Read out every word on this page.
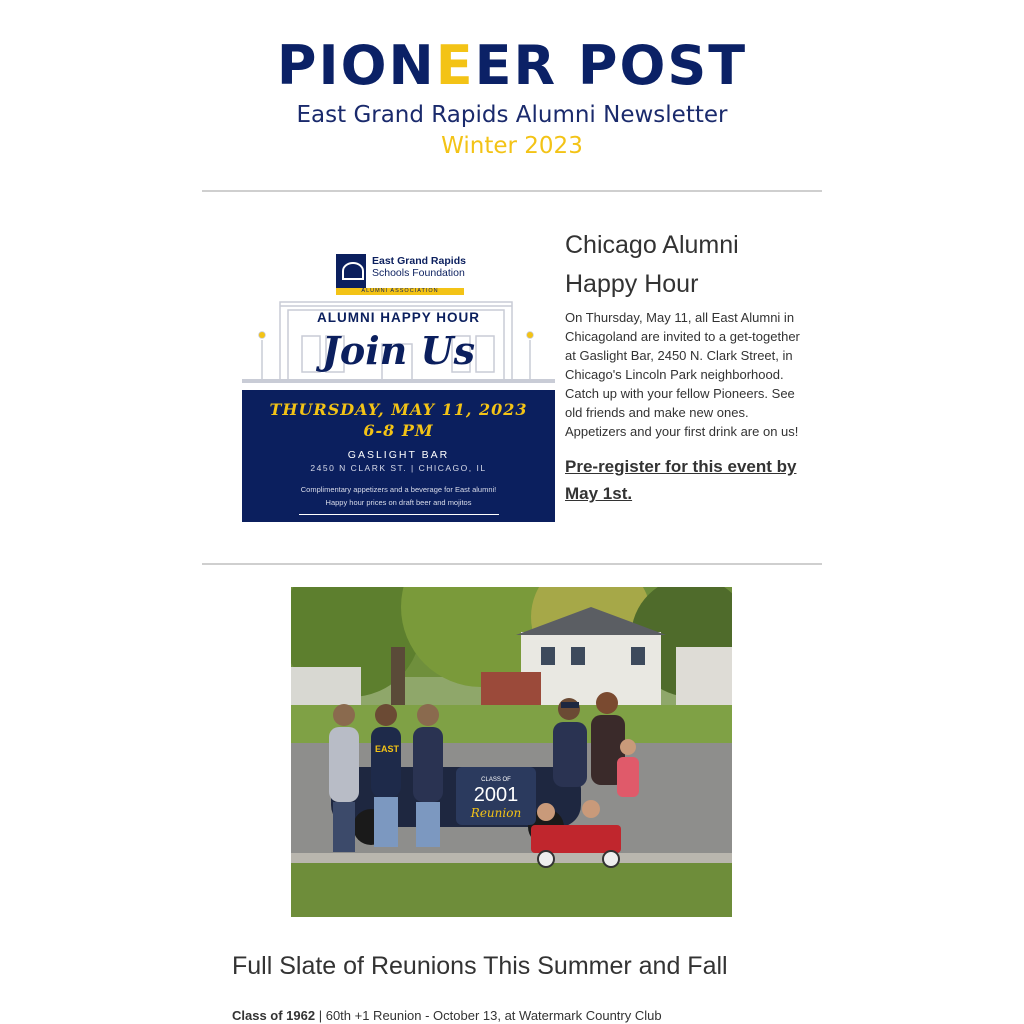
PIONEER POST
East Grand Rapids Alumni Newsletter
Winter 2023
East Grand Rapids
Schools Foundation
ALUMNI ASSOCIATION
ALUMNI HAPPY HOUR
Join Us
THURSDAY, MAY 11, 2023
6-8 PM
GASLIGHT BAR
2450 N CLARK ST. | CHICAGO, IL
Complimentary appetizers and a beverage for East alumni!
Happy hour prices on draft beer and mojitos
Chicago Alumni Happy Hour

On Thursday, May 11, all East Alumni in Chicagoland are invited to a get-together at Gaslight Bar, 2450 N. Clark Street, in Chicago's Lincoln Park neighborhood. Catch up with your fellow Pioneers. See old friends and make new ones. Appetizers and your first drink are on us!

Pre-register for this event by May 1st.
CLASS OF
2001
Reunion
EAST
Full Slate of Reunions This Summer and Fall
Class of 1962 | 60th +1 Reunion - October 13, at Watermark Country Club
